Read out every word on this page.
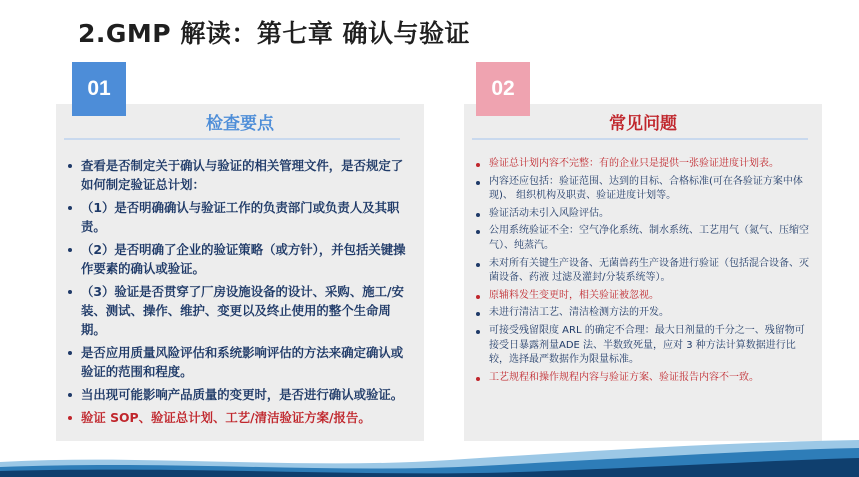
2.GMP 解读：第七章 确认与验证
01	02
检查要点	常见问题
查看是否制定关于确认与验证的相关管理文件，是否规定了如何制定验证总计划：
（1）是否明确确认与验证工作的负责部门或负责人及其职责。
（2）是否明确了企业的验证策略（或方针），并包括关键操作要素的确认或验证。
（3）验证是否贯穿了厂房设施设备的设计、采购、施工/安装、测试、操作、维护、变更以及终止使用的整个生命周期。
是否应用质量风险评估和系统影响评估的方法来确定确认或验证的范围和程度。
当出现可能影响产品质量的变更时，是否进行确认或验证。
验证 SOP、验证总计划、工艺/清洁验证方案/报告。
验证总计划内容不完整：有的企业只是提供一张验证进度计划表。
内容还应包括：验证范围、达到的目标、合格标准(可在各验证方案中体现)、 组织机构及职责、验证进度计划等。
验证活动未引入风险评估。
公用系统验证不全：空气净化系统、制水系统、工艺用气（氮气、压缩空气）、纯蒸汽。
未对所有关键生产设备、无菌兽药生产设备进行验证（包括混合设备、灭菌设备、药液 过滤及灌封/分装系统等）。
原辅料发生变更时，相关验证被忽视。
未进行清洁工艺、清洁检测方法的开发。
可接受残留限度 ARL 的确定不合理：最大日剂量的千分之一、残留物可接受日暴露剂量ADE 法、半数致死量，应对 3 种方法计算数据进行比较，选择最严数据作为限量标准。
工艺规程和操作规程内容与验证方案、验证报告内容不一致。
